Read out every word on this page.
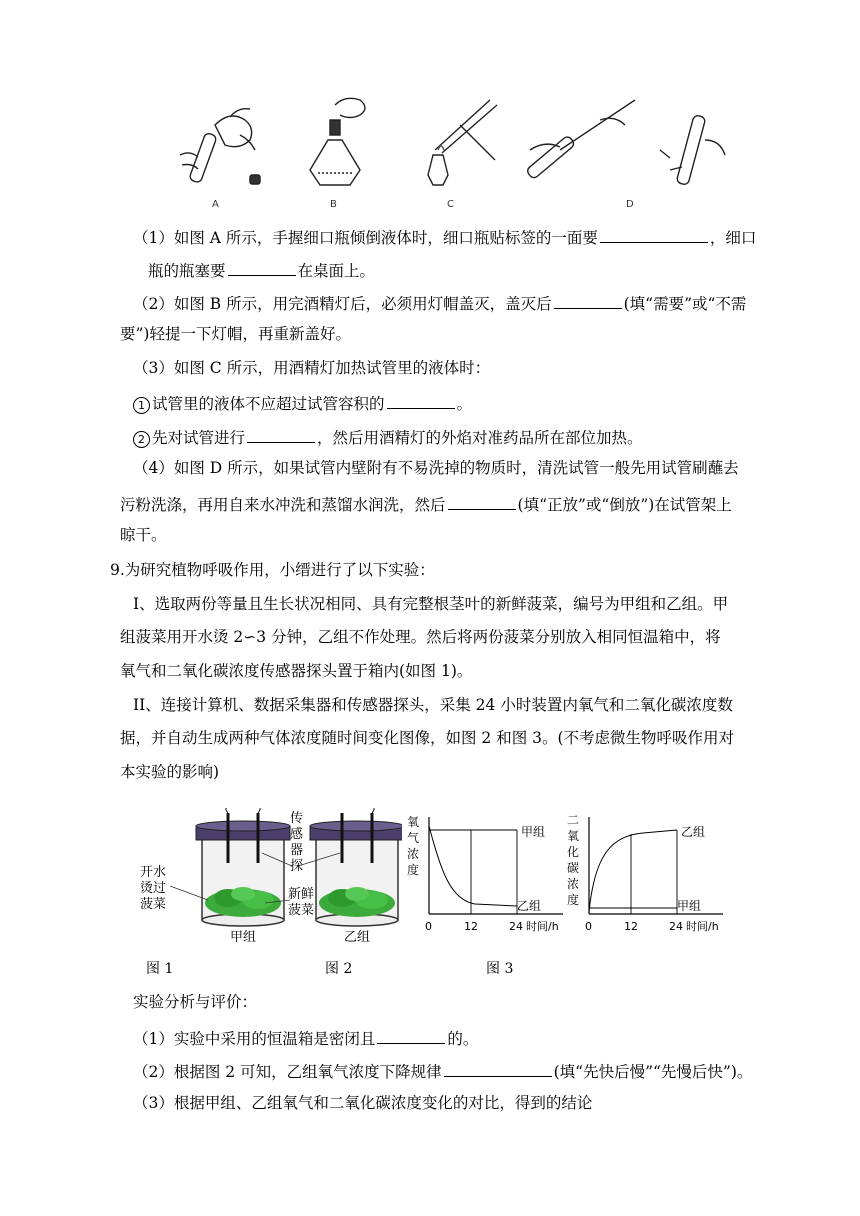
A	B	C	D
（1）如图 A 所示，手握细口瓶倾倒液体时，细口瓶贴标签的一面要	，细口
瓶的瓶塞要	在桌面上。
（2）如图 B 所示，用完酒精灯后，必须用灯帽盖灭，盖灭后	(填“需要”或“不需
要”)轻提一下灯帽，再重新盖好。
（3）如图 C 所示，用酒精灯加热试管里的液体时：
1 试管里的液体不应超过试管容积的	。
2 先对试管进行	，然后用酒精灯的外焰对准药品所在部位加热。
（4）如图 D 所示，如果试管内壁附有不易洗掉的物质时，清洗试管一般先用试管刷蘸去
污粉洗涤，再用自来水冲洗和蒸馏水润洗，然后	(填“正放”或“倒放”)在试管架上
晾干。
9.为研究植物呼吸作用，小缙进行了以下实验：
I、选取两份等量且生长状况相同、具有完整根茎叶的新鲜菠菜，编号为甲组和乙组。甲
组菠菜用开水烫 2∽3 分钟，乙组不作处理。然后将两份菠菜分别放入相同恒温箱中，将
氧气和二氧化碳浓度传感器探头置于箱内(如图 1)。
II、连接计算机、数据采集器和传感器探头，采集 24 小时装置内氧气和二氧化碳浓度数
据，并自动生成两种气体浓度随时间变化图像，如图 2 和图 3。(不考虑微生物呼吸作用对
本实验的影响)
传
感
器
探
开水
烫过
菠菜
新鲜
菠菜
甲组	乙组
氧
气
浓
度
甲组
乙组
0	12	24 时间/h
二
氧
化
碳
浓
度
乙组
甲组
0	12	24 时间/h
图 1	图 2	图 3
实验分析与评价：
（1）实验中采用的恒温箱是密闭且	的。
（2）根据图 2 可知，乙组氧气浓度下降规律	(填“先快后慢”“先慢后快”)。
（3）根据甲组、乙组氧气和二氧化碳浓度变化的对比，得到的结论
